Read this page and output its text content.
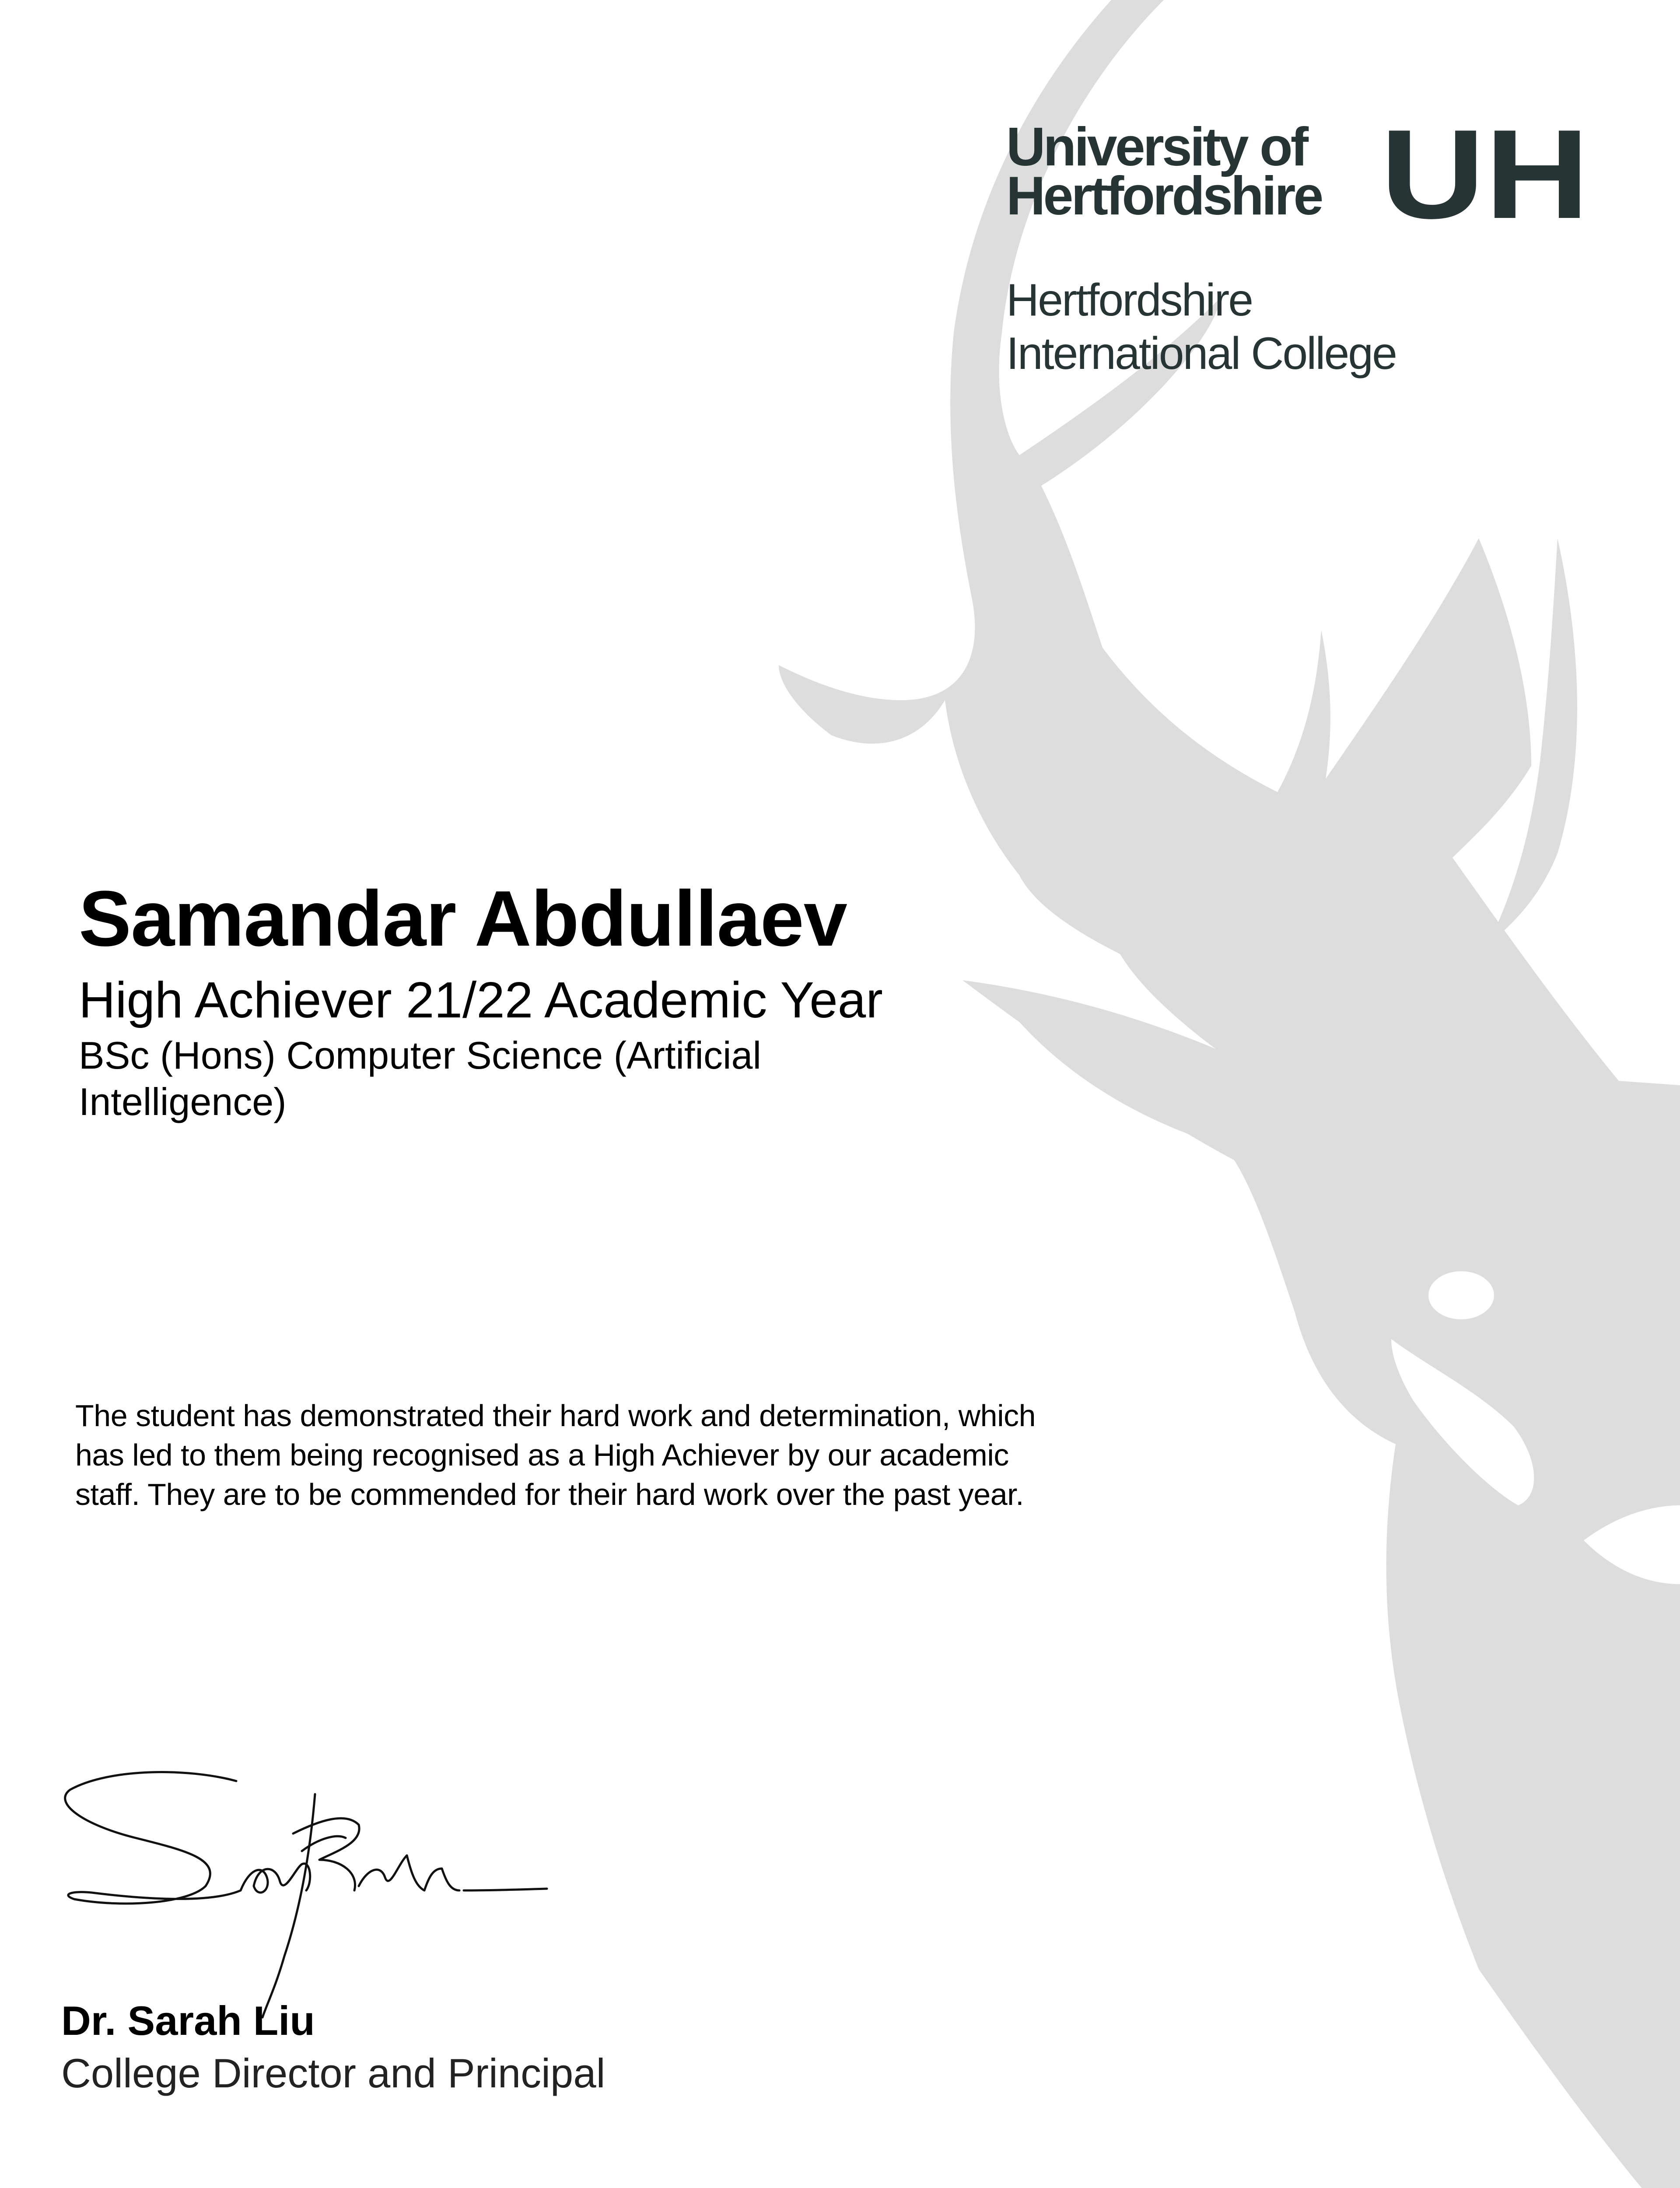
University of
Hertfordshire UH
Hertfordshire
International College
Samandar Abdullaev

High Achiever 21/22 Academic Year

BSc (Hons) Computer Science (Artificial Intelligence)

The student has demonstrated their hard work and determination, which has led to them being recognised as a High Achiever by our academic staff. They are to be commended for their hard work over the past year.

Dr. Sarah Liu

College Director and Principal
